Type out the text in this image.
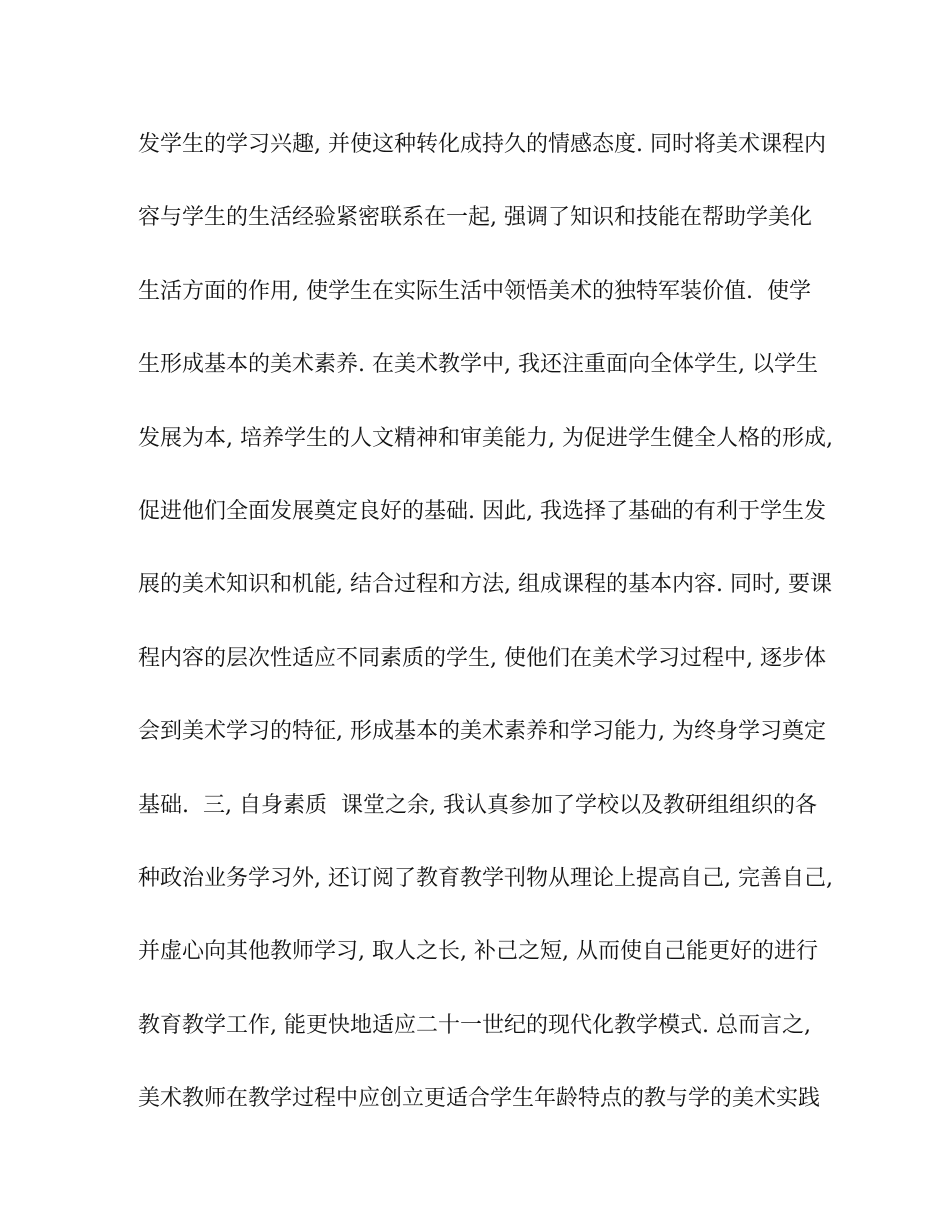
发学生的学习兴趣, 并使这种转化成持久的情感态度. 同时将美术课程内
容与学生的生活经验紧密联系在一起, 强调了知识和技能在帮助学美化
生活方面的作用, 使学生在实际生活中领悟美术的独特军装价值.  使学
生形成基本的美术素养. 在美术教学中, 我还注重面向全体学生, 以学生
发展为本, 培养学生的人文精神和审美能力, 为促进学生健全人格的形成,
促进他们全面发展奠定良好的基础. 因此, 我选择了基础的有利于学生发
展的美术知识和机能, 结合过程和方法, 组成课程的基本内容. 同时, 要课
程内容的层次性适应不同素质的学生, 使他们在美术学习过程中, 逐步体
会到美术学习的特征, 形成基本的美术素养和学习能力, 为终身学习奠定
基础.  三, 自身素质  课堂之余, 我认真参加了学校以及教研组组织的各
种政治业务学习外, 还订阅了教育教学刊物从理论上提高自己, 完善自己,
并虚心向其他教师学习, 取人之长, 补己之短, 从而使自己能更好的进行
教育教学工作, 能更快地适应二十一世纪的现代化教学模式. 总而言之,
美术教师在教学过程中应创立更适合学生年龄特点的教与学的美术实践
